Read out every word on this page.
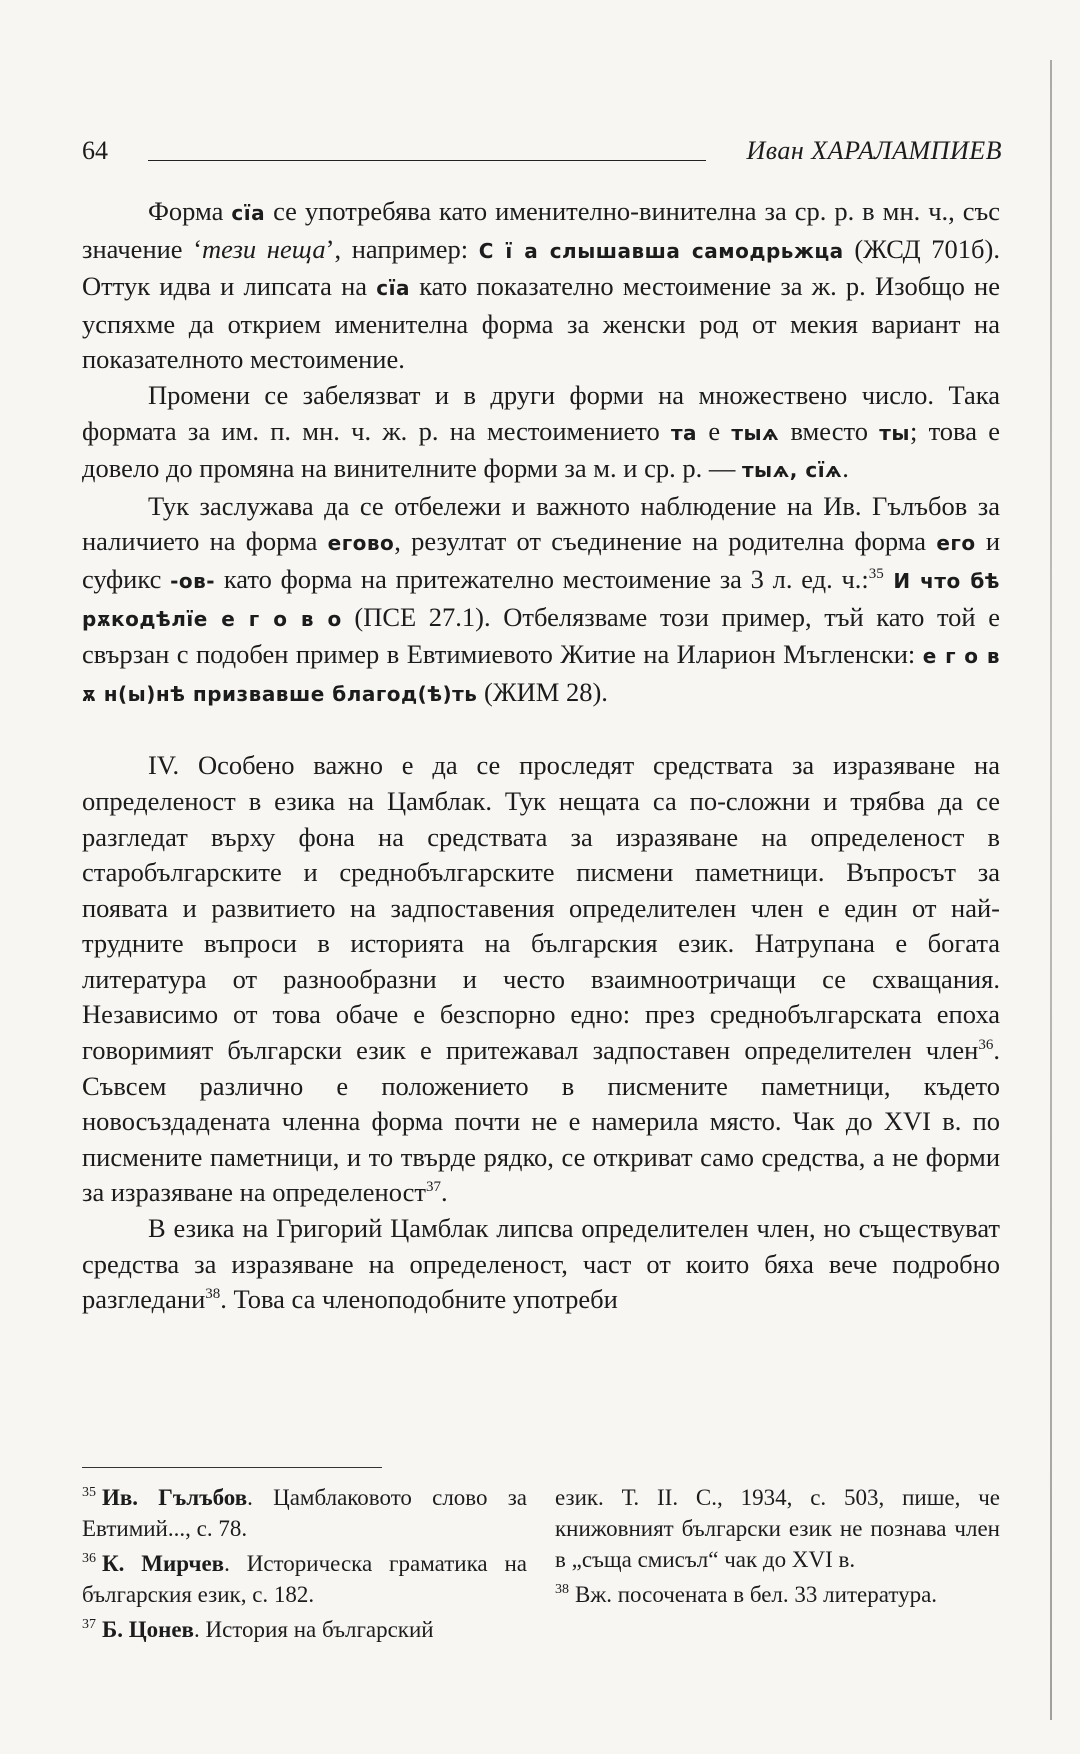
64	Иван ХАРАЛАМПИЕВ

Форма сїа се употребява като именително-винителна за ср. р. в мн. ч., със значение ‘тези неща’, например: С ї а слышавша самодрьжца (ЖСД 701б). Оттук идва и липсата на сїа като показателно местоимение за ж. р. Изобщо не успяхме да открием именителна форма за женски род от мекия вариант на показателното местоимение.

Промени се забелязват и в други форми на множествено число. Така формата за им. п. мн. ч. ж. р. на местоимението та е тыѧ вместо ты; това е довело до промяна на винителните форми за м. и ср. р. — тыѧ, сїѧ.

Тук заслужава да се отбележи и важното наблюдение на Ив. Гълъбов за наличието на форма егово, резултат от съединение на родителна форма его и суфикс -ов- като форма на притежателно местоимение за 3 л. ед. ч.:$^{35}$ И что бѣ рѫкодѣлїе е г о в о (ПСЕ 27.1). Отбелязваме този пример, тъй като той е свързан с подобен пример в Евтимиевото Житие на Иларион Мъгленски: е г о в ѫ н(ы)нѣ призвавше благод(ѣ)ть (ЖИМ 28).

IV. Особено важно е да се проследят средствата за изразяване на определеност в езика на Цамблак. Тук нещата са по-сложни и трябва да се разгледат върху фона на средствата за изразяване на определеност в старобългарските и среднобългарските писмени паметници. Въпросът за появата и развитието на задпоставения определителен член е един от най-трудните въпроси в историята на българския език. Натрупана е богата литература от разнообразни и често взаимноотричащи се схващания. Независимо от това обаче е безспорно едно: през среднобългарската епоха говоримият български език е притежавал задпоставен определителен член$^{36}$. Съвсем различно е положението в писмените паметници, където новосъздадената членна форма почти не е намерила място. Чак до XVI в. по писмените паметници, и то твърде рядко, се откриват само средства, а не форми за изразяване на определеност$^{37}$.

В езика на Григорий Цамблак липсва определителен член, но съществуват средства за изразяване на определеност, част от които бяха вече подробно разгледани$^{38}$. Това са членоподобните употреби

$^{35}$ Ив. Гълъбов. Цамблаковото слово за Евтимий..., с. 78.

$^{36}$ К. Мирчев. Историческа граматика на българския език, с. 182.

$^{37}$ Б. Цонев. История на българский

език. Т. II. С., 1934, с. 503, пише, че книжовният български език не познава член в „съща смисъл“ чак до XVI в.

$^{38}$ Вж. посочената в бел. 33 литература.
